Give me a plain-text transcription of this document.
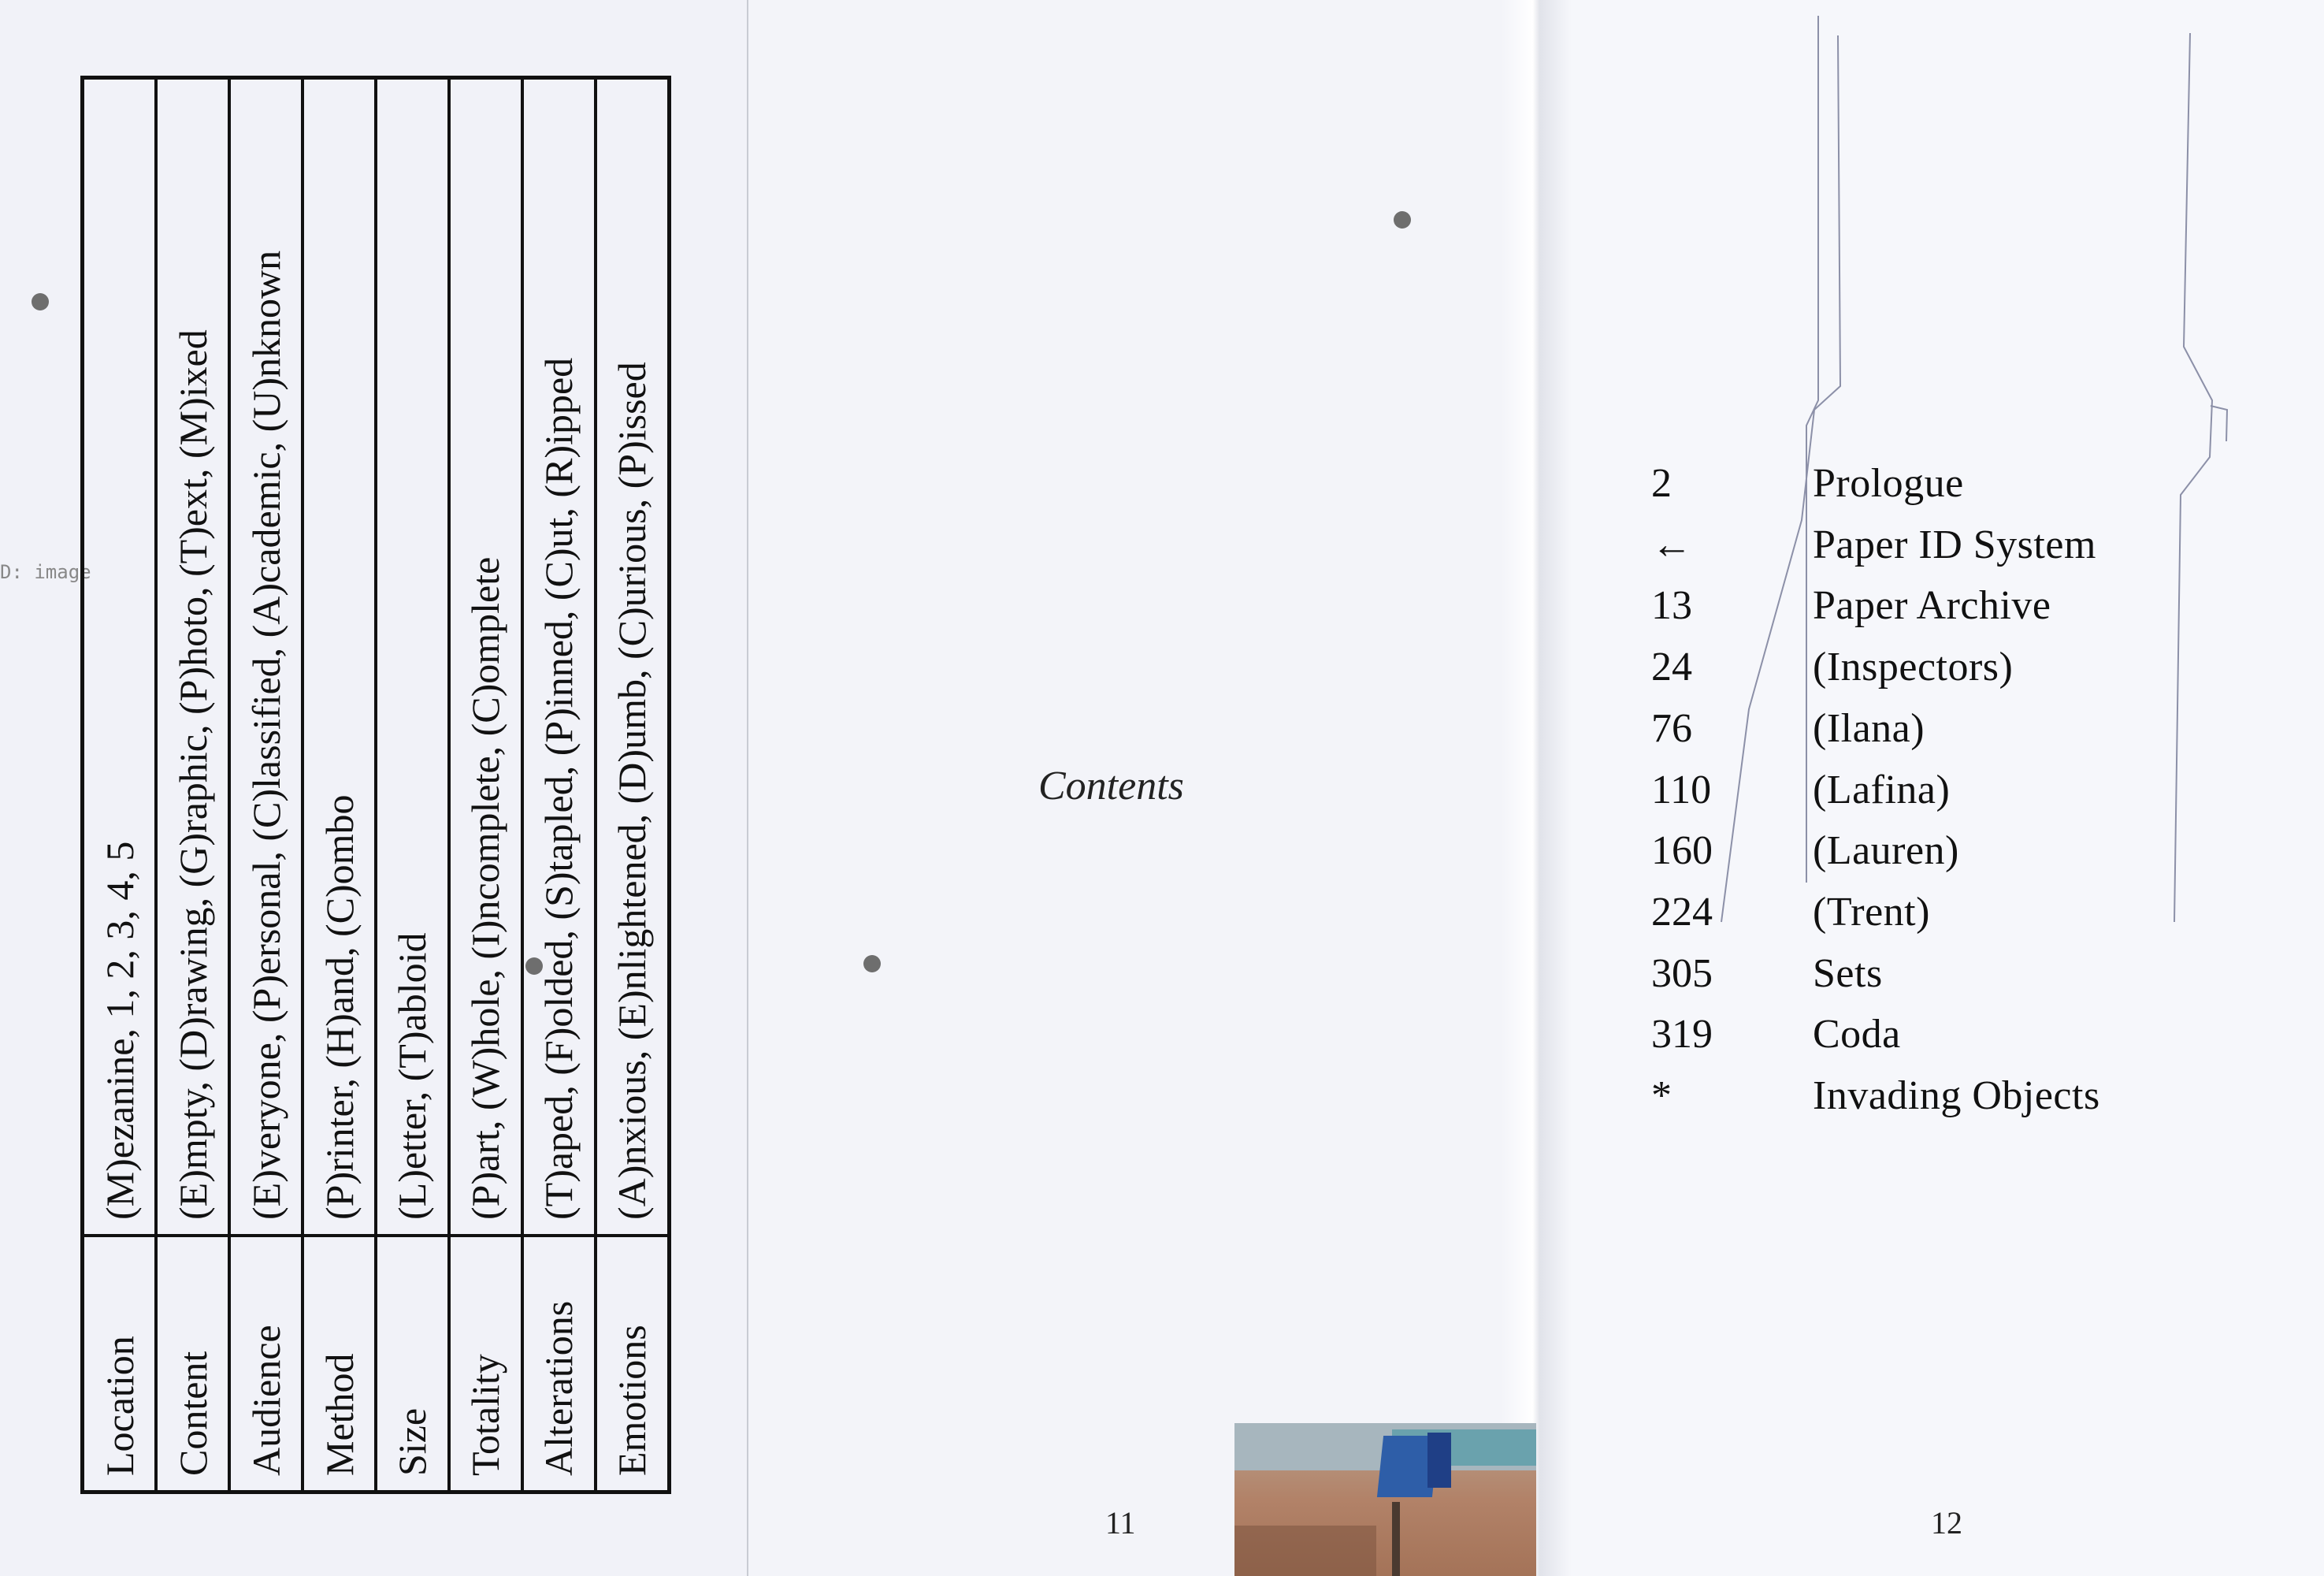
D: image
Location	(M)ezanine, 1, 2, 3, 4, 5
Content	(E)mpty, (D)rawing, (G)raphic, (P)hoto, (T)ext, (M)ixed
Audience	(E)veryone, (P)ersonal, (C)lassified, (A)cademic, (U)nknown
Method	(P)rinter, (H)and, (C)ombo
Size	(L)etter, (T)abloid
Totality	(P)art, (W)hole, (I)ncomplete, (C)omplete
Alterations	(T)aped, (F)olded, (S)tapled, (P)inned, (C)ut, (R)ipped
Emotions	(A)nxious, (E)nlightened, (D)umb, (C)urious, (P)issed	Contents
11
2	Prologue
←	Paper ID System
13	Paper Archive
24	(Inspectors)
76	(Ilana)
110	(Lafina)
160	(Lauren)
224	(Trent)
305	Sets
319	Coda
*	Invading Objects
12
